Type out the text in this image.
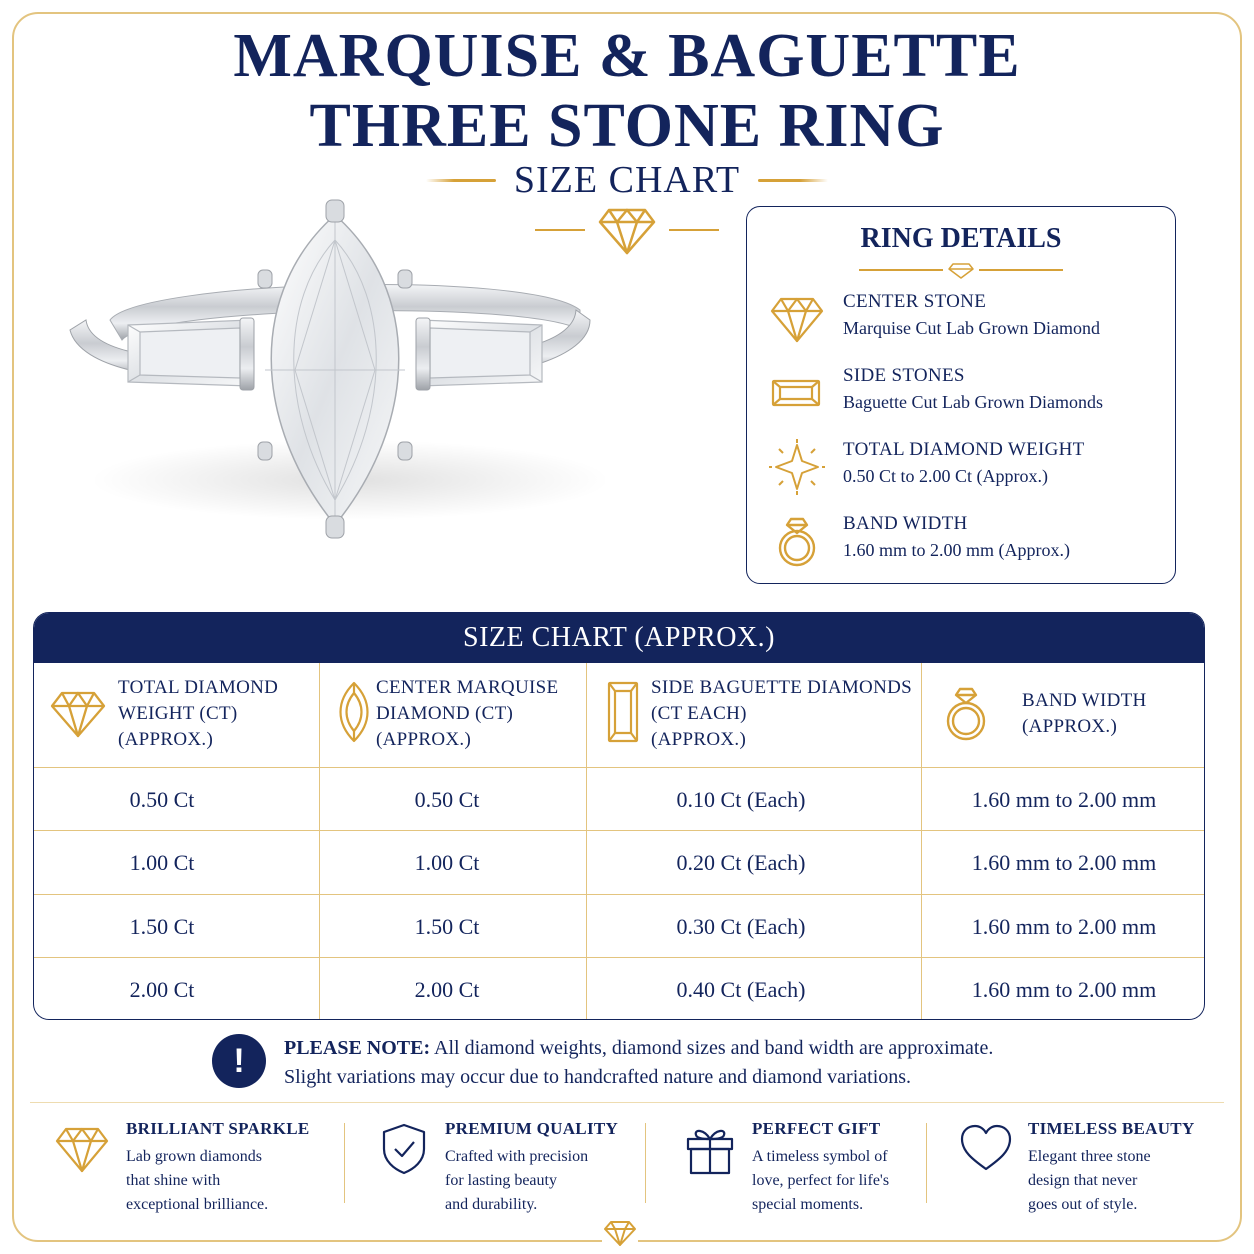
MARQUISE & BAGUETTE
THREE STONE RING
SIZE CHART
RING DETAILS
CENTER STONE
Marquise Cut Lab Grown Diamond
SIDE STONES
Baguette Cut Lab Grown Diamonds
TOTAL DIAMOND WEIGHT
0.50 Ct to 2.00 Ct (Approx.)
BAND WIDTH
1.60 mm to 2.00 mm (Approx.)
SIZE CHART (APPROX.)
TOTAL DIAMOND
WEIGHT (CT)
(APPROX.)
CENTER MARQUISE
DIAMOND (CT)
(APPROX.)
SIDE BAGUETTE DIAMONDS
(CT EACH)
(APPROX.)
BAND WIDTH
(APPROX.)
0.50 Ct	0.50 Ct	0.10 Ct (Each)	1.60 mm to 2.00 mm
1.00 Ct	1.00 Ct	0.20 Ct (Each)	1.60 mm to 2.00 mm
1.50 Ct	1.50 Ct	0.30 Ct (Each)	1.60 mm to 2.00 mm
2.00 Ct	2.00 Ct	0.40 Ct (Each)	1.60 mm to 2.00 mm
!	PLEASE NOTE: All diamond weights, diamond sizes and band width are approximate.
Slight variations may occur due to handcrafted nature and diamond variations.
BRILLIANT SPARKLE
Lab grown diamonds
that shine with
exceptional brilliance.
PREMIUM QUALITY
Crafted with precision
for lasting beauty
and durability.
PERFECT GIFT
A timeless symbol of
love, perfect for life's
special moments.
TIMELESS BEAUTY
Elegant three stone
design that never
goes out of style.
